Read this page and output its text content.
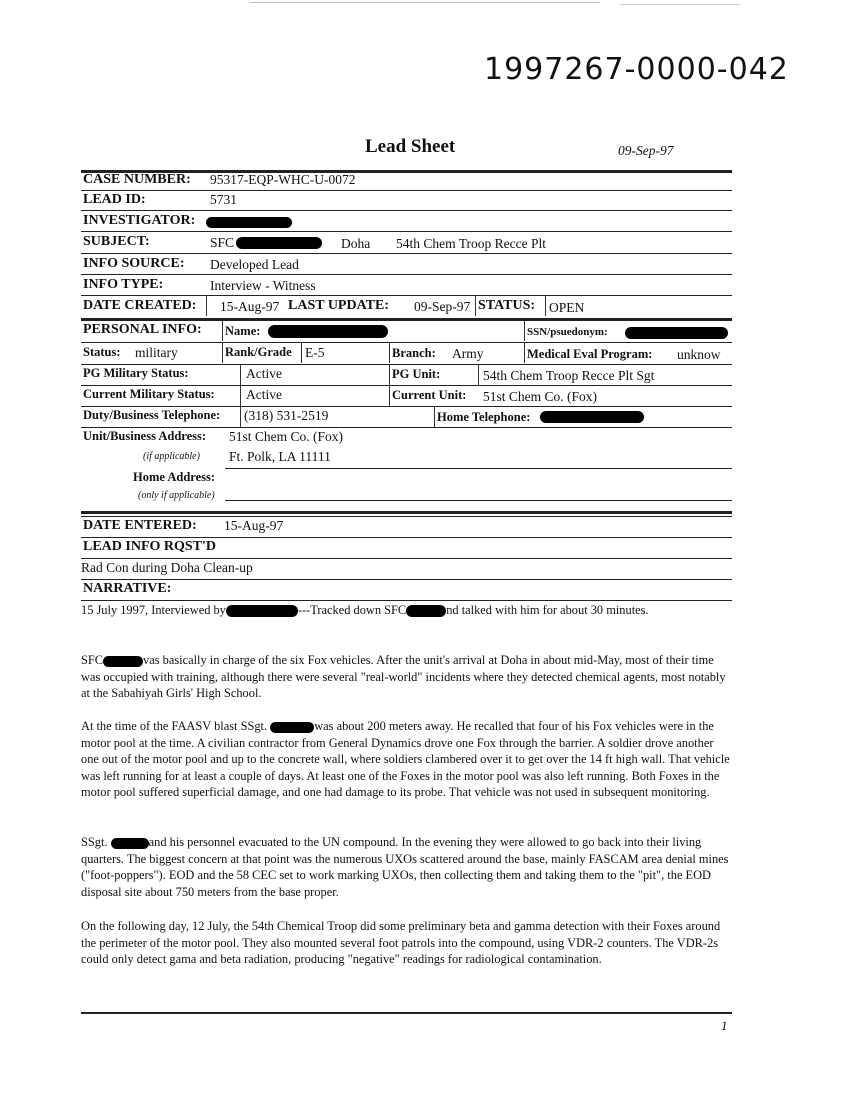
1997267-0000-042
Lead Sheet	09-Sep-97
CASE NUMBER: 95317-EQP-WHC-U-0072
LEAD ID:	5731
INVESTIGATOR:
SUBJECT:	SFC	Doha 54th Chem Troop Recce Plt
INFO SOURCE: Developed Lead
INFO TYPE:	Interview - Witness
DATE CREATED: 15-Aug-97 LAST UPDATE: 09-Sep-97 STATUS: OPEN
PERSONAL INFO: Name:	SSN/psuedonym:
Status: military	Rank/Grade E-5	Branch: Army	Medical Eval Program: unknow
PG Military Status:	Active	PG Unit:	54th Chem Troop Recce Plt Sgt
Current Military Status: Active	Current Unit: 51st Chem Co. (Fox)
Duty/Business Telephone: (318) 531-2519	Home Telephone:
Unit/Business Address: 51st Chem Co. (Fox)
(if applicable) Ft. Polk, LA 11111
Home Address:
(only if applicable)
DATE ENTERED: 15-Aug-97
LEAD INFO RQST'D
Rad Con during Doha Clean-up
NARRATIVE:
15 July 1997, Interviewed by	---Tracked down SFC	nd talked with him for about 30 minutes.
SFC	vas basically in charge of the six Fox vehicles. After the unit's arrival at Doha in about mid-May, most of their time was occupied with training, although there were several "real-world" incidents where they detected chemical agents, most notably at the Sabahiyah Girls' High School.
At the time of the FAASV blast SSgt.	was about 200 meters away. He recalled that four of his Fox vehicles were in the motor pool at the time. A civilian contractor from General Dynamics drove one Fox through the barrier. A soldier drove another one out of the motor pool and up to the concrete wall, where soldiers clambered over it to get over the 14 ft high wall. That vehicle was left running for at least a couple of days. At least one of the Foxes in the motor pool was also left running. Both Foxes in the motor pool suffered superficial damage, and one had damage to its probe. That vehicle was not used in subsequent monitoring.
SSgt.	and his personnel evacuated to the UN compound. In the evening they were allowed to go back into their living quarters. The biggest concern at that point was the numerous UXOs scattered around the base, mainly FASCAM area denial mines ("foot-poppers"). EOD and the 58 CEC set to work marking UXOs, then collecting them and taking them to the "pit", the EOD disposal site about 750 meters from the base proper.
On the following day, 12 July, the 54th Chemical Troop did some preliminary beta and gamma detection with their Foxes around the perimeter of the motor pool. They also mounted several foot patrols into the compound, using VDR-2 counters. The VDR-2s could only detect gama and beta radiation, producing "negative" readings for radiological contamination.
1
